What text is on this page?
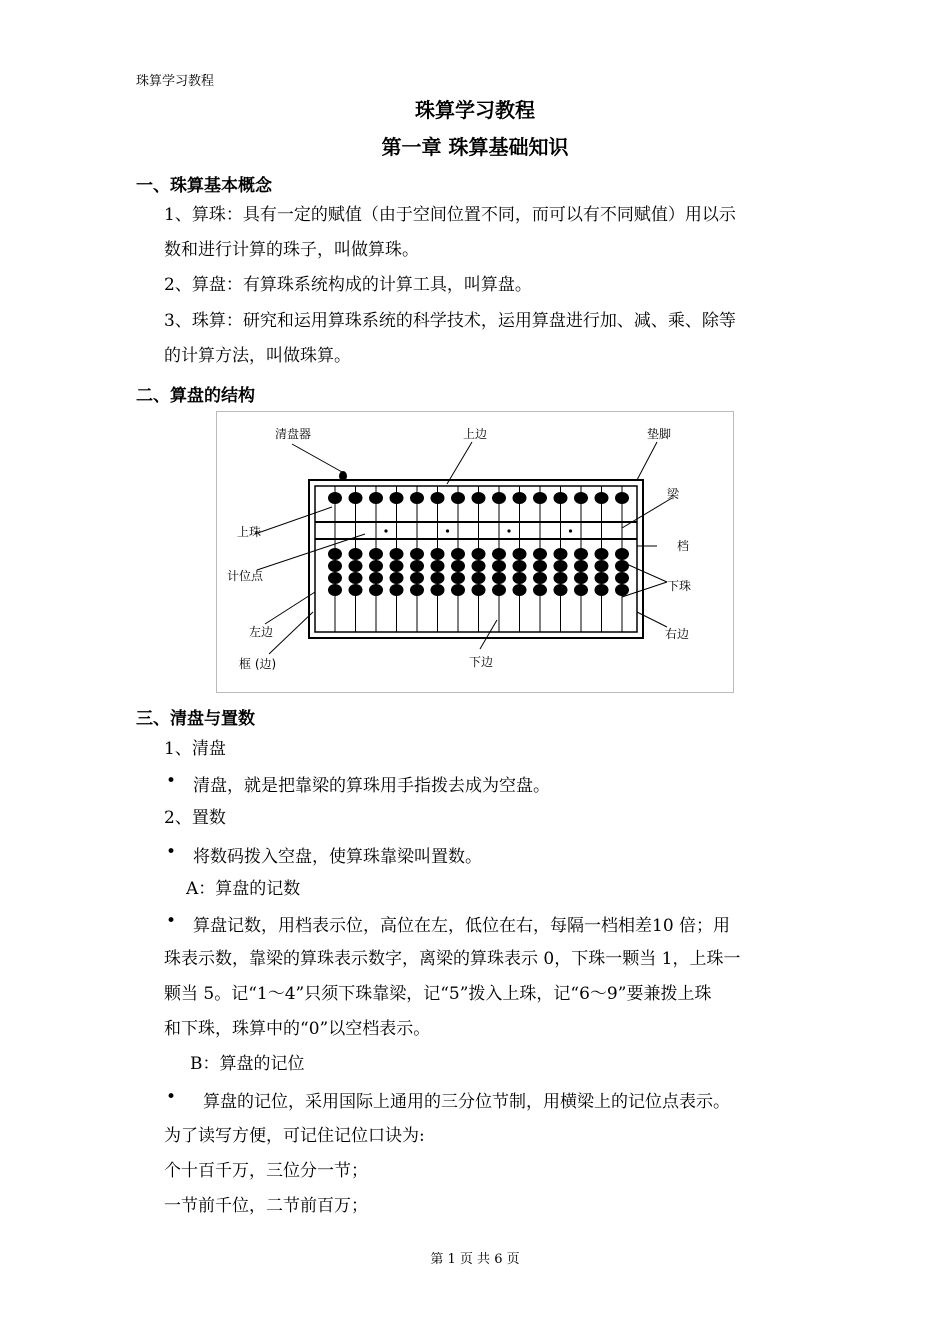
珠算学习教程
珠算学习教程
第一章 珠算基础知识
一、珠算基本概念
1、算珠：具有一定的赋值（由于空间位置不同，而可以有不同赋值）用以示
数和进行计算的珠子，叫做算珠。
2、算盘：有算珠系统构成的计算工具，叫算盘。
3、珠算：研究和运用算珠系统的科学技术，运用算盘进行加、减、乘、除等
的计算方法，叫做珠算。
二、算盘的结构
清盘器	上边	垫脚
梁
档
上珠
计位点
下珠
左边	右边
框 (边)	下边
三、清盘与置数
1、清盘
• 清盘，就是把靠梁的算珠用手指拨去成为空盘。
2、置数
• 将数码拨入空盘，使算珠靠梁叫置数。
A：算盘的记数
• 算盘记数，用档表示位，高位在左，低位在右，每隔一档相差10 倍；用
珠表示数，靠梁的算珠表示数字，离梁的算珠表示 0，下珠一颗当 1，上珠一
颗当 5。记“1～4”只须下珠靠梁，记“5”拨入上珠，记“6～9”要兼拨上珠
和下珠，珠算中的“0”以空档表示。
B：算盘的记位
• 算盘的记位，采用国际上通用的三分位节制，用横梁上的记位点表示。
为了读写方便，可记住记位口诀为:
个十百千万，三位分一节；
一节前千位，二节前百万；
第 1 页 共 6 页
